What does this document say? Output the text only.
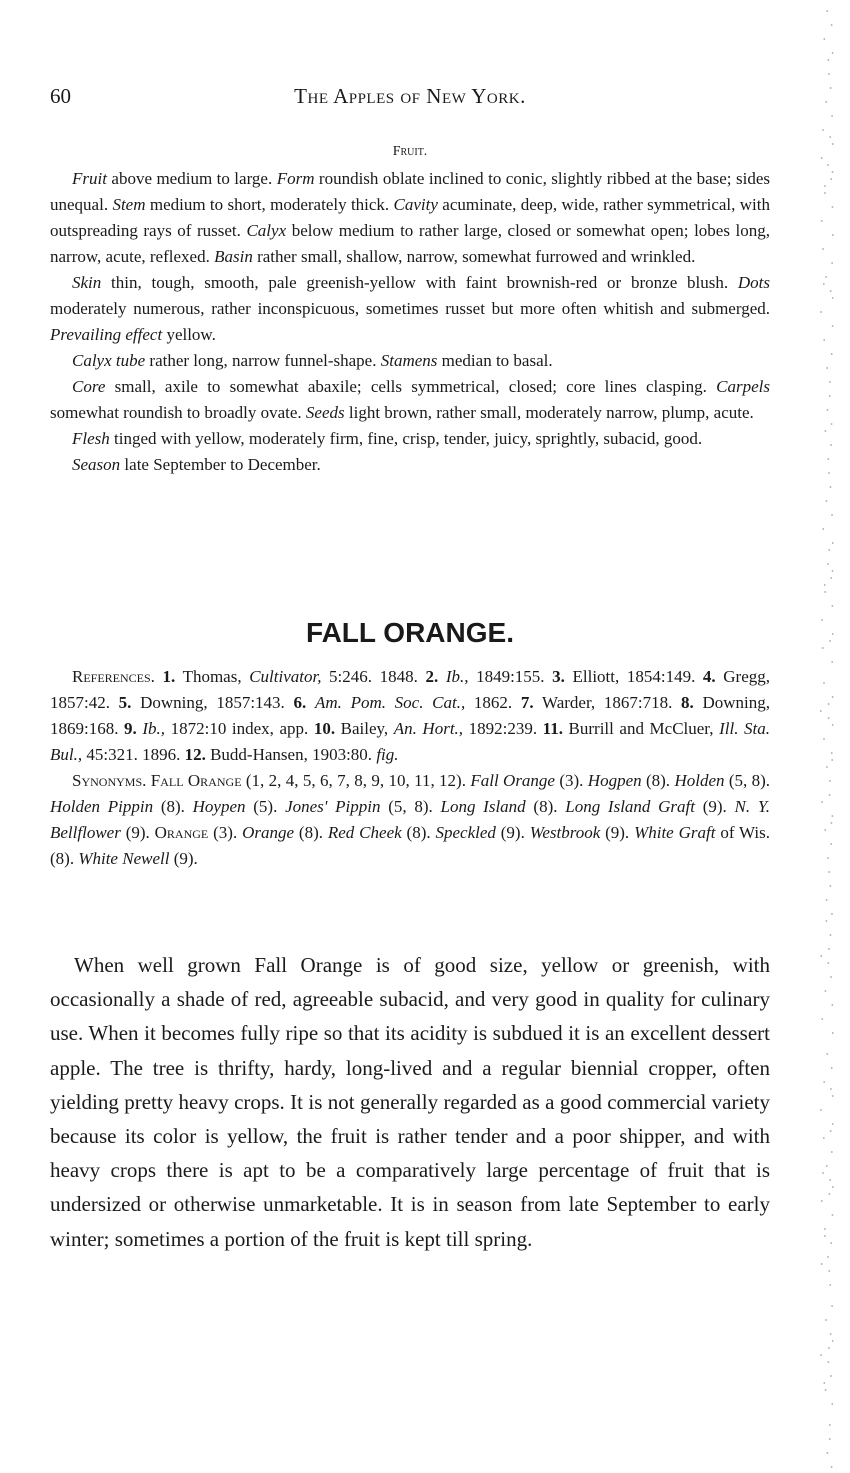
60	The Apples of New York.
Fruit.

Fruit above medium to large. Form roundish oblate inclined to conic, slightly ribbed at the base; sides unequal. Stem medium to short, moderately thick. Cavity acuminate, deep, wide, rather symmetrical, with outspreading rays of russet. Calyx below medium to rather large, closed or somewhat open; lobes long, narrow, acute, reflexed. Basin rather small, shallow, narrow, somewhat furrowed and wrinkled.

Skin thin, tough, smooth, pale greenish-yellow with faint brownish-red or bronze blush. Dots moderately numerous, rather inconspicuous, sometimes russet but more often whitish and submerged. Prevailing effect yellow.

Calyx tube rather long, narrow funnel-shape. Stamens median to basal.

Core small, axile to somewhat abaxile; cells symmetrical, closed; core lines clasping. Carpels somewhat roundish to broadly ovate. Seeds light brown, rather small, moderately narrow, plump, acute.

Flesh tinged with yellow, moderately firm, fine, crisp, tender, juicy, sprightly, subacid, good.

Season late September to December.

FALL ORANGE.

References. 1. Thomas, Cultivator, 5:246. 1848. 2. Ib., 1849:155. 3. Elliott, 1854:149. 4. Gregg, 1857:42. 5. Downing, 1857:143. 6. Am. Pom. Soc. Cat., 1862. 7. Warder, 1867:718. 8. Downing, 1869:168. 9. Ib., 1872:10 index, app. 10. Bailey, An. Hort., 1892:239. 11. Burrill and McCluer, Ill. Sta. Bul., 45:321. 1896. 12. Budd-Hansen, 1903:80. fig.

Synonyms. Fall Orange (1, 2, 4, 5, 6, 7, 8, 9, 10, 11, 12). Fall Orange (3). Hogpen (8). Holden (5, 8). Holden Pippin (8). Hoypen (5). Jones' Pippin (5, 8). Long Island (8). Long Island Graft (9). N. Y. Bellflower (9). Orange (3). Orange (8). Red Cheek (8). Speckled (9). Westbrook (9). White Graft of Wis. (8). White Newell (9).

When well grown Fall Orange is of good size, yellow or greenish, with occasionally a shade of red, agreeable subacid, and very good in quality for culinary use. When it becomes fully ripe so that its acidity is subdued it is an excellent dessert apple. The tree is thrifty, hardy, long-lived and a regular biennial cropper, often yielding pretty heavy crops. It is not generally regarded as a good commercial variety because its color is yellow, the fruit is rather tender and a poor shipper, and with heavy crops there is apt to be a comparatively large percentage of fruit that is undersized or otherwise unmarketable. It is in season from late September to early winter; sometimes a portion of the fruit is kept till spring.
